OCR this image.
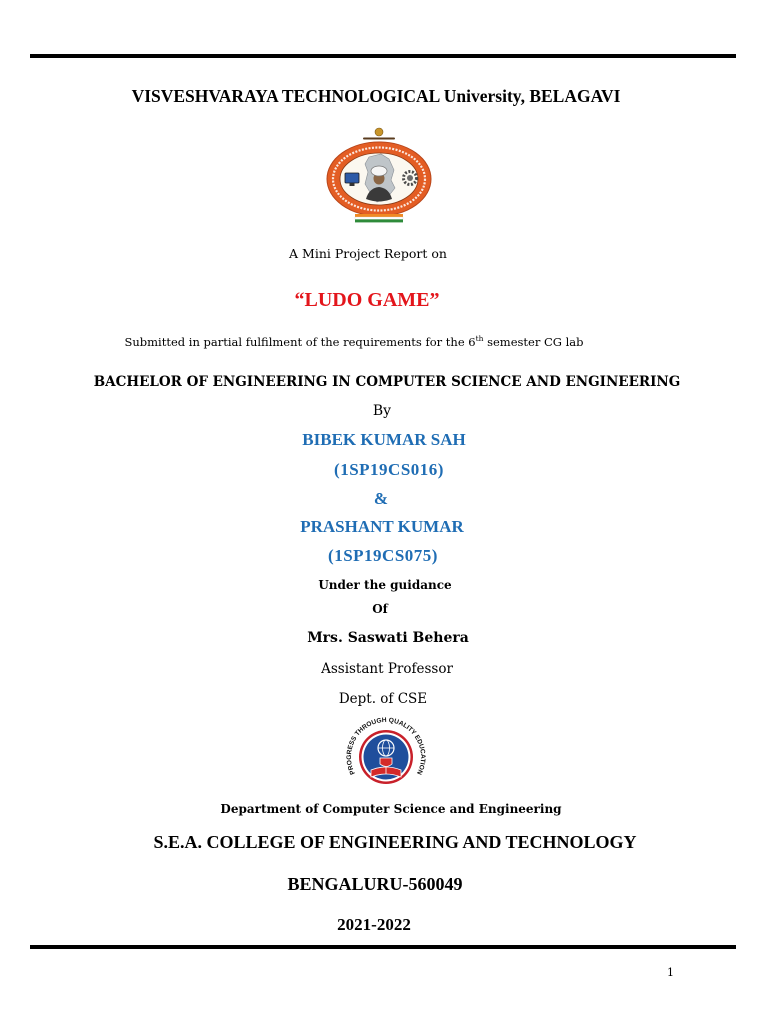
VISVESHVARAYA TECHNOLOGICAL University, BELAGAVI
A Mini Project Report on
“LUDO GAME”
Submitted in partial fulfilment of the requirements for the 6th semester CG lab
BACHELOR OF ENGINEERING IN COMPUTER SCIENCE AND ENGINEERING
By
BIBEK KUMAR SAH
(1SP19CS016)
&
PRASHANT KUMAR
(1SP19CS075)
Under the guidance
Of
Mrs. Saswati Behera
Assistant Professor
Dept. of CSE
PROGRESS THROUGH QUALITY EDUCATION
Department of Computer Science and Engineering
S.E.A. COLLEGE OF ENGINEERING AND TECHNOLOGY
BENGALURU-560049
2021-2022
1
